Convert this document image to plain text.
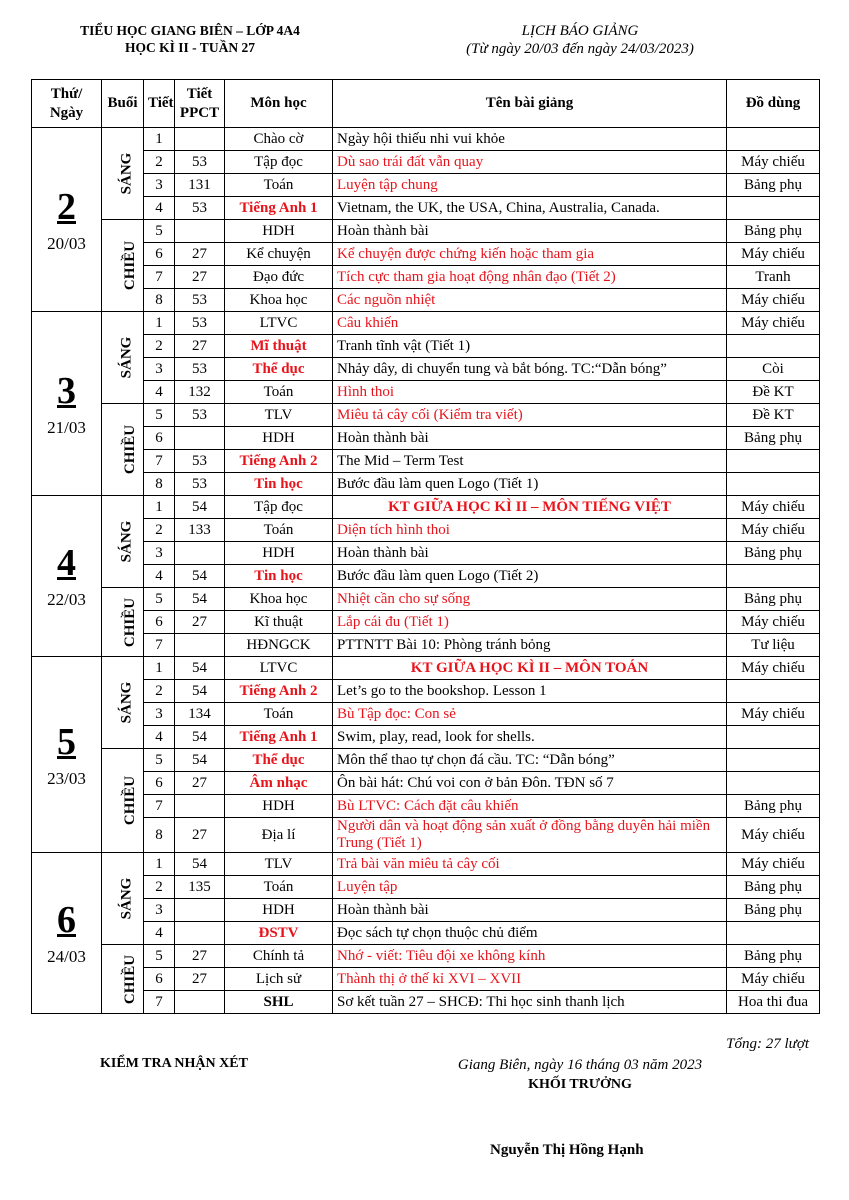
TIỂU HỌC GIANG BIÊN – LỚP 4A4
HỌC KÌ II - TUẦN 27
LỊCH BÁO GIẢNG
(Từ ngày 20/03 đến ngày 24/03/2023)
Thứ/ Ngày	Buổi	Tiết	Tiết PPCT	Môn học	Tên bài giảng	Đồ dùng

2
20/03	SÁNG	1		Chào cờ	Ngày hội thiếu nhi vui khỏe	
		2	53	Tập đọc	Dù sao trái đất vẫn quay	Máy chiếu
		3	131	Toán	Luyện tập chung	Bảng phụ
		4	53	Tiếng Anh 1	Vietnam, the UK, the USA, China, Australia, Canada.	
	CHIỀU	5		HDH	Hoàn thành bài	Bảng phụ
		6	27	Kể chuyện	Kể chuyện được chứng kiến hoặc tham gia	Máy chiếu
		7	27	Đạo đức	Tích cực tham gia hoạt động nhân đạo (Tiết 2)	Tranh
		8	53	Khoa học	Các nguồn nhiệt	Máy chiếu

3
21/03	SÁNG	1	53	LTVC	Câu khiến	Máy chiếu
		2	27	Mĩ thuật	Tranh tĩnh vật (Tiết 1)	
		3	53	Thể dục	Nhảy dây, di chuyển tung và bắt bóng. TC:“Dẫn bóng”	Còi
		4	132	Toán	Hình thoi	Đề KT
	CHIỀU	5	53	TLV	Miêu tả cây cối (Kiểm tra viết)	Đề KT
		6		HDH	Hoàn thành bài	Bảng phụ
		7	53	Tiếng Anh 2	The Mid – Term Test	
		8	53	Tin học	Bước đầu làm quen Logo (Tiết 1)	

4
22/03	SÁNG	1	54	Tập đọc	KT GIỮA HỌC KÌ II – MÔN TIẾNG VIỆT	Máy chiếu
		2	133	Toán	Diện tích hình thoi	Máy chiếu
		3		HDH	Hoàn thành bài	Bảng phụ
		4	54	Tin học	Bước đầu làm quen Logo (Tiết 2)	
	CHIỀU	5	54	Khoa học	Nhiệt cần cho sự sống	Bảng phụ
		6	27	Kĩ thuật	Lắp cái đu (Tiết 1)	Máy chiếu
		7		HĐNGCK	PTTNTT Bài 10: Phòng tránh bỏng	Tư liệu

5
23/03	SÁNG	1	54	LTVC	KT GIỮA HỌC KÌ II – MÔN TOÁN	Máy chiếu
		2	54	Tiếng Anh 2	Let’s go to the bookshop. Lesson 1	
		3	134	Toán	Bù Tập đọc: Con sẻ	Máy chiếu
		4	54	Tiếng Anh 1	Swim, play, read, look for shells.	
	CHIỀU	5	54	Thể dục	Môn thể thao tự chọn đá cầu. TC: “Dẫn bóng”	
		6	27	Âm nhạc	Ôn bài hát: Chú voi con ở bản Đôn. TĐN số 7	
		7		HDH	Bù LTVC: Cách đặt câu khiến	Bảng phụ
		8	27	Địa lí	Người dân và hoạt động sản xuất ở đồng bằng duyên hải miền Trung (Tiết 1)	Máy chiếu

6
24/03	SÁNG	1	54	TLV	Trả bài văn miêu tả cây cối	Máy chiếu
		2	135	Toán	Luyện tập	Bảng phụ
		3		HDH	Hoàn thành bài	Bảng phụ
		4		ĐSTV	Đọc sách tự chọn thuộc chủ điểm	
	CHIỀU	5	27	Chính tả	Nhớ - viết: Tiêu đội xe không kính	Bảng phụ
		6	27	Lịch sử	Thành thị ở thế kỉ XVI – XVII	Máy chiếu
		7		SHL	Sơ kết tuần 27 – SHCĐ: Thi học sinh thanh lịch	Hoa thi đua
Tổng: 27 lượt
KIỂM TRA NHẬN XÉT	Giang Biên, ngày 16 tháng 03 năm 2023
KHỐI TRƯỞNG
Nguyễn Thị Hồng Hạnh
